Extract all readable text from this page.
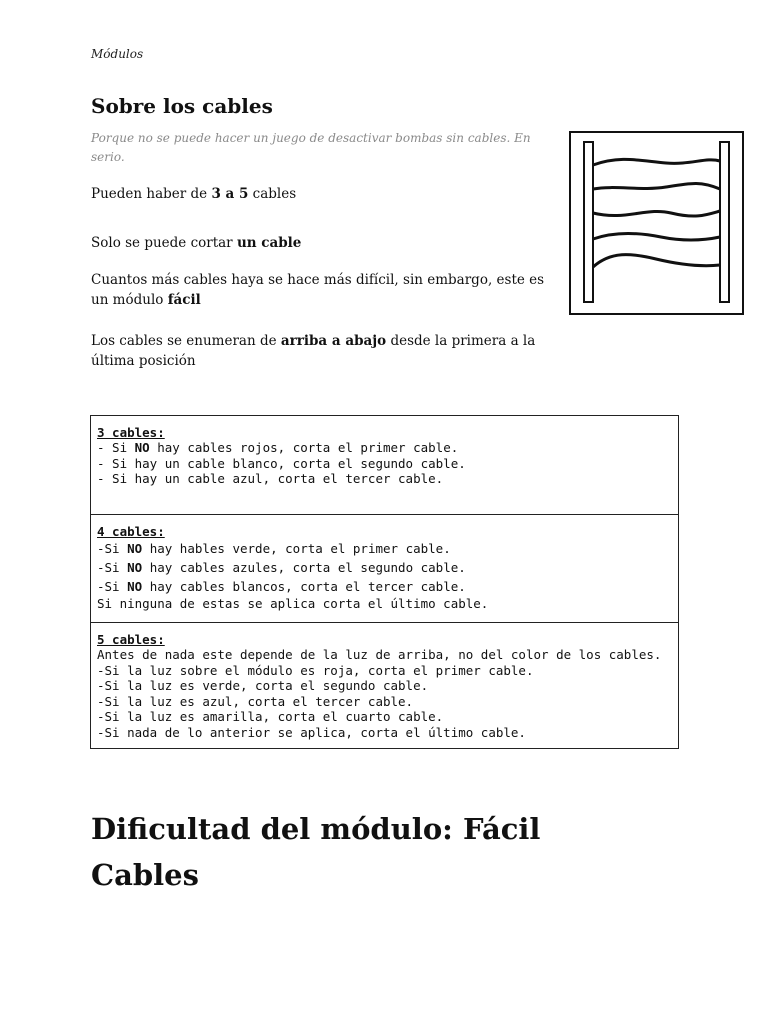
Módulos
Sobre los cables
Porque no se puede hacer un juego de desactivar bombas sin cables. En serio.
Pueden haber de 3 a 5 cables
Solo se puede cortar un cable
Cuantos más cables haya se hace más difícil, sin embargo, este es un módulo fácil
Los cables se enumeran de arriba a abajo desde la primera a la última posición
3 cables:
- Si NO hay cables rojos, corta el primer cable.
- Si hay un cable blanco, corta el segundo cable.
- Si hay un cable azul, corta el tercer cable.
4 cables:
-Si NO hay hables verde, corta el primer cable.
-Si NO hay cables azules, corta el segundo cable.
-Si NO hay cables blancos, corta el tercer cable.
Si ninguna de estas se aplica corta el último cable.
5 cables:
Antes de nada este depende de la luz de arriba, no del color de los cables.
-Si la luz sobre el módulo es roja, corta el primer cable.
-Si la luz es verde, corta el segundo cable.
-Si la luz es azul, corta el tercer cable.
-Si la luz es amarilla, corta el cuarto cable.
-Si nada de lo anterior se aplica, corta el último cable.
Dificultad del módulo: Fácil
Cables
